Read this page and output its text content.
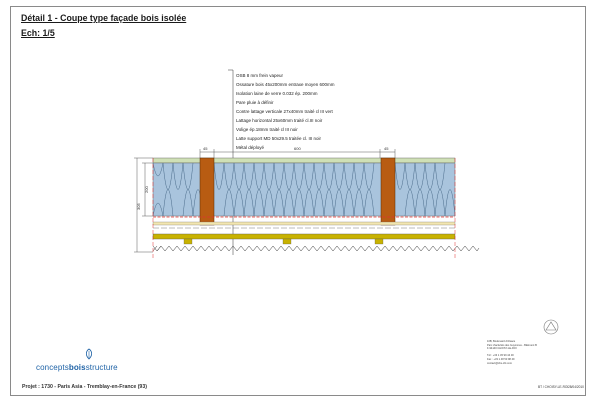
Détail 1 - Coupe type façade bois isolée
Ech: 1/5
OSB 8 mm frein vapeur
Ossature bois 45x200mm entraxe moyen 600mm
Isolation laine de verre 0.032 ép. 200mm
Pare pluie à définir
Contre lattage verticale 27x40mm traité cl III vert
Lattage horizontal 25x60mm traité cl.III noir
Volige ép.18mm traité cl III noir
Latte support MD 50x29.5 traitée cl. III noir
Métal déployé
45	600	45
200
305
conceptsboisstructure
Projet : 1730 - Paris Asia - Tremblay-en-France (93)
10B, Boulevard d'Alsace
Parc d'activités des Guyonnes - Bâtiment B
F-94140 CHOISY-LE-ROI

Tél : +33 1 45 99 44 30
Fax : +33 1 48 53 98 49
contact@cbs-cbt.com
BT / CHOISY-LE-ROI 28/04/2010
